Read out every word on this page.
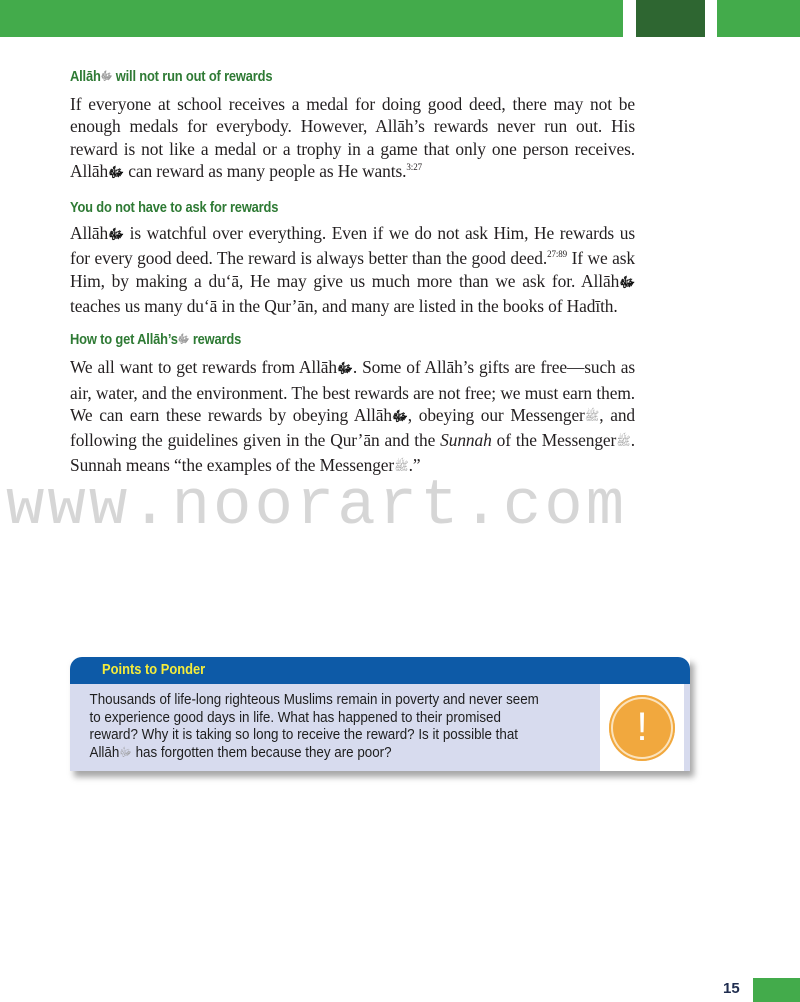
Allāhﷻ will not run out of rewards

If everyone at school receives a medal for doing good deed, there may not be enough medals for everybody. However, Allāh’s rewards never run out. His reward is not like a medal or a trophy in a game that only one person receives. Allāhﷻ can reward as many people as He wants.$^{3:27}$

You do not have to ask for rewards

Allāhﷻ is watchful over everything. Even if we do not ask Him, He rewards us for every good deed. The reward is always better than the good deed.$^{27:89}$ If we ask Him, by making a du‘ā, He may give us much more than we ask for. Allāhﷻ teaches us many du‘ā in the Qur’ān, and many are listed in the books of Hadīth.

How to get Allāh’sﷻ rewards

We all want to get rewards from Allāhﷻ. Some of Allāh’s gifts are free—such as air, water, and the environment. The best rewards are not free; we must earn them. We can earn these rewards by obeying Allāhﷻ, obeying our Messengerﷺ, and following the guidelines given in the Qur’ān and the Sunnah of the Messengerﷺ. Sunnah means “the examples of the Messengerﷺ.”

www.noorart.com
Points to Ponder
Thousands of life-long righteous Muslims remain in poverty and never seem to experience good days in life. What has happened to their promised reward? Why it is taking so long to receive the reward? Is it possible that Allāhﷻ has forgotten them because they are poor?
!
15
